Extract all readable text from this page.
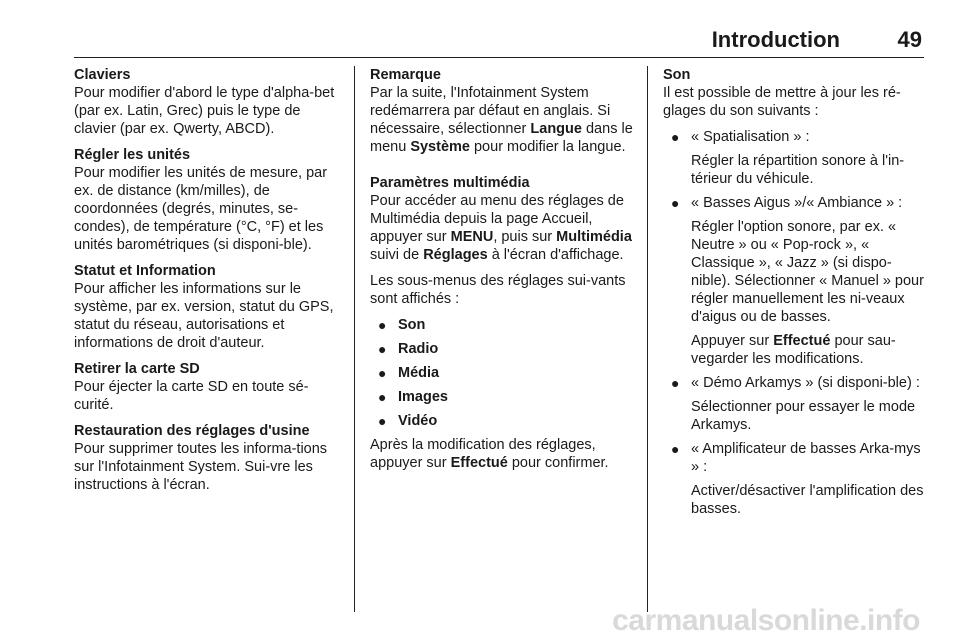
Introduction	49
Claviers
Pour modifier d'abord le type d'alpha-bet (par ex. Latin, Grec) puis le type de clavier (par ex. Qwerty, ABCD).
Régler les unités
Pour modifier les unités de mesure, par ex. de distance (km/milles), de coordonnées (degrés, minutes, se-condes), de température (°C, °F) et les unités barométriques (si disponi-ble).
Statut et Information
Pour afficher les informations sur le système, par ex. version, statut du GPS, statut du réseau, autorisations et informations de droit d'auteur.
Retirer la carte SD
Pour éjecter la carte SD en toute sé-curité.
Restauration des réglages d'usine
Pour supprimer toutes les informa-tions sur l'Infotainment System. Sui-vre les instructions à l'écran.
Remarque
Par la suite, l'Infotainment System redémarrera par défaut en anglais. Si nécessaire, sélectionner Langue dans le menu Système pour modifier la langue.
Paramètres multimédia
Pour accéder au menu des réglages de Multimédia depuis la page Accueil, appuyer sur MENU, puis sur Multimédia suivi de Réglages à l'écran d'affichage.

Les sous-menus des réglages sui-vants sont affichés :

● Son
● Radio
● Média
● Images
● Vidéo

Après la modification des réglages, appuyer sur Effectué pour confirmer.

Son
Il est possible de mettre à jour les ré-glages du son suivants :
● « Spatialisation » :
Régler la répartition sonore à l'in-térieur du véhicule.
● « Basses Aigus »/« Ambiance » :
Régler l'option sonore, par ex. « Neutre » ou « Pop-rock », « Classique », « Jazz » (si dispo-nible). Sélectionner « Manuel » pour régler manuellement les ni-veaux d'aigus ou de basses.
Appuyer sur Effectué pour sau-vegarder les modifications.
● « Démo Arkamys » (si disponi-ble) :
Sélectionner pour essayer le mode Arkamys.
● « Amplificateur de basses Arka-mys » :
Activer/désactiver l'amplification des basses.
carmanualsonline.info
